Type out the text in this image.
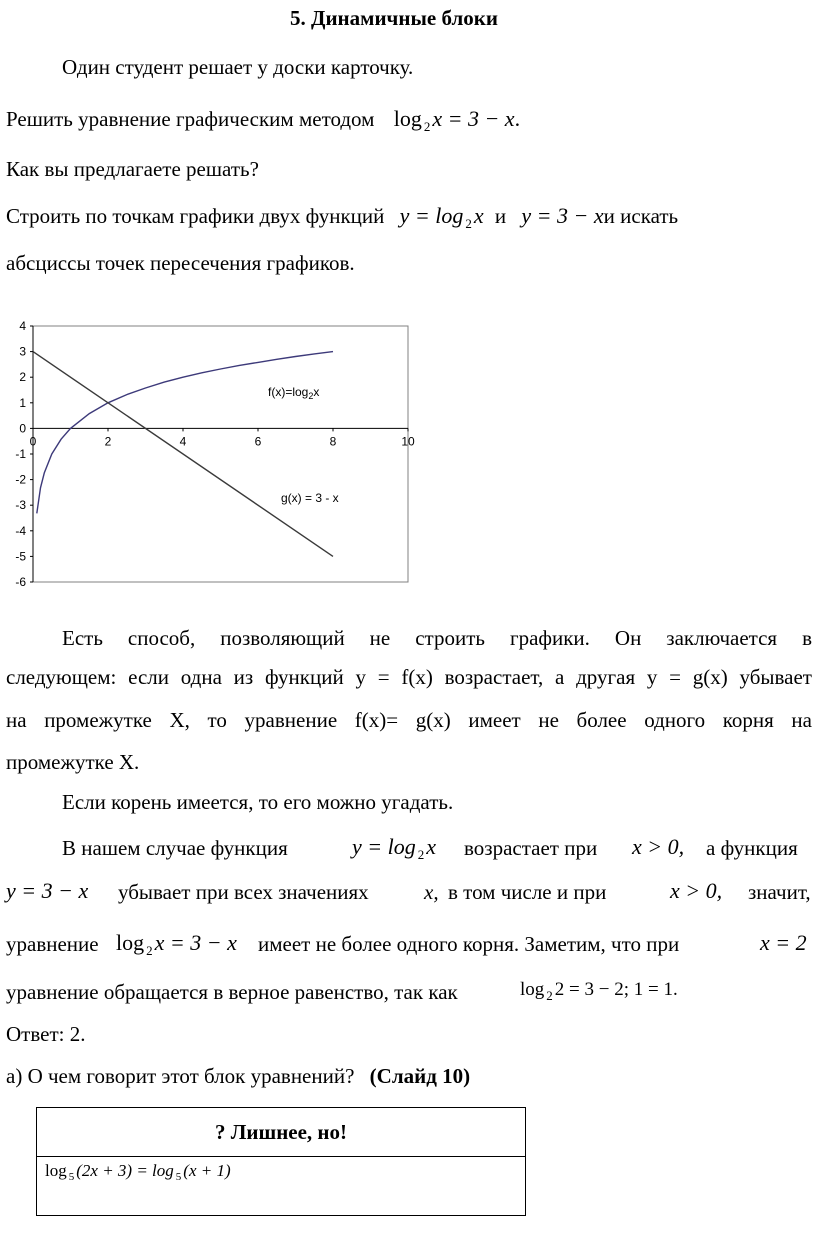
5. Динамичные блоки
Один студент решает у доски карточку.
Решить уравнение графическим методом log $_2$x = 3 − x.
Как вы предлагаете решать?
Строить по точкам графики двух функций y = log $_2$x и y = 3 − xи искать
абсциссы точек пересечения графиков.
4
3
2
1
0
-1
-2
-3
-4
-5
-6
0	2	4	6	8	10
$f(x)=\log_2x$
g(x) = 3 - x
Есть способ, позволяющий не строить графики. Он заключается в
следующем: если одна из функций y = f(x) возрастает, а другая y = g(x) убывает
на промежутке X, то уравнение f(x)= g(x) имеет не более одного корня на
промежутке X.
Если корень имеется, то его можно угадать.
В нашем случае функция	y = log $_2$x возрастает при x > 0, а функция
y = 3 − x убывает при всех значениях	x, в том числе и при	x > 0, значит,
уравнение log $_2$x = 3 − x имеет не более одного корня. Заметим, что при	x = 2
уравнение обращается в верное равенство, так как	log $_2$ 2 = 3 − 2; 1 = 1.
Ответ: 2.
а) О чем говорит этот блок уравнений? (Слайд 10)
? Лишнее, но!
log $_5$ (2x + 3) = log $_5$ (x + 1)
